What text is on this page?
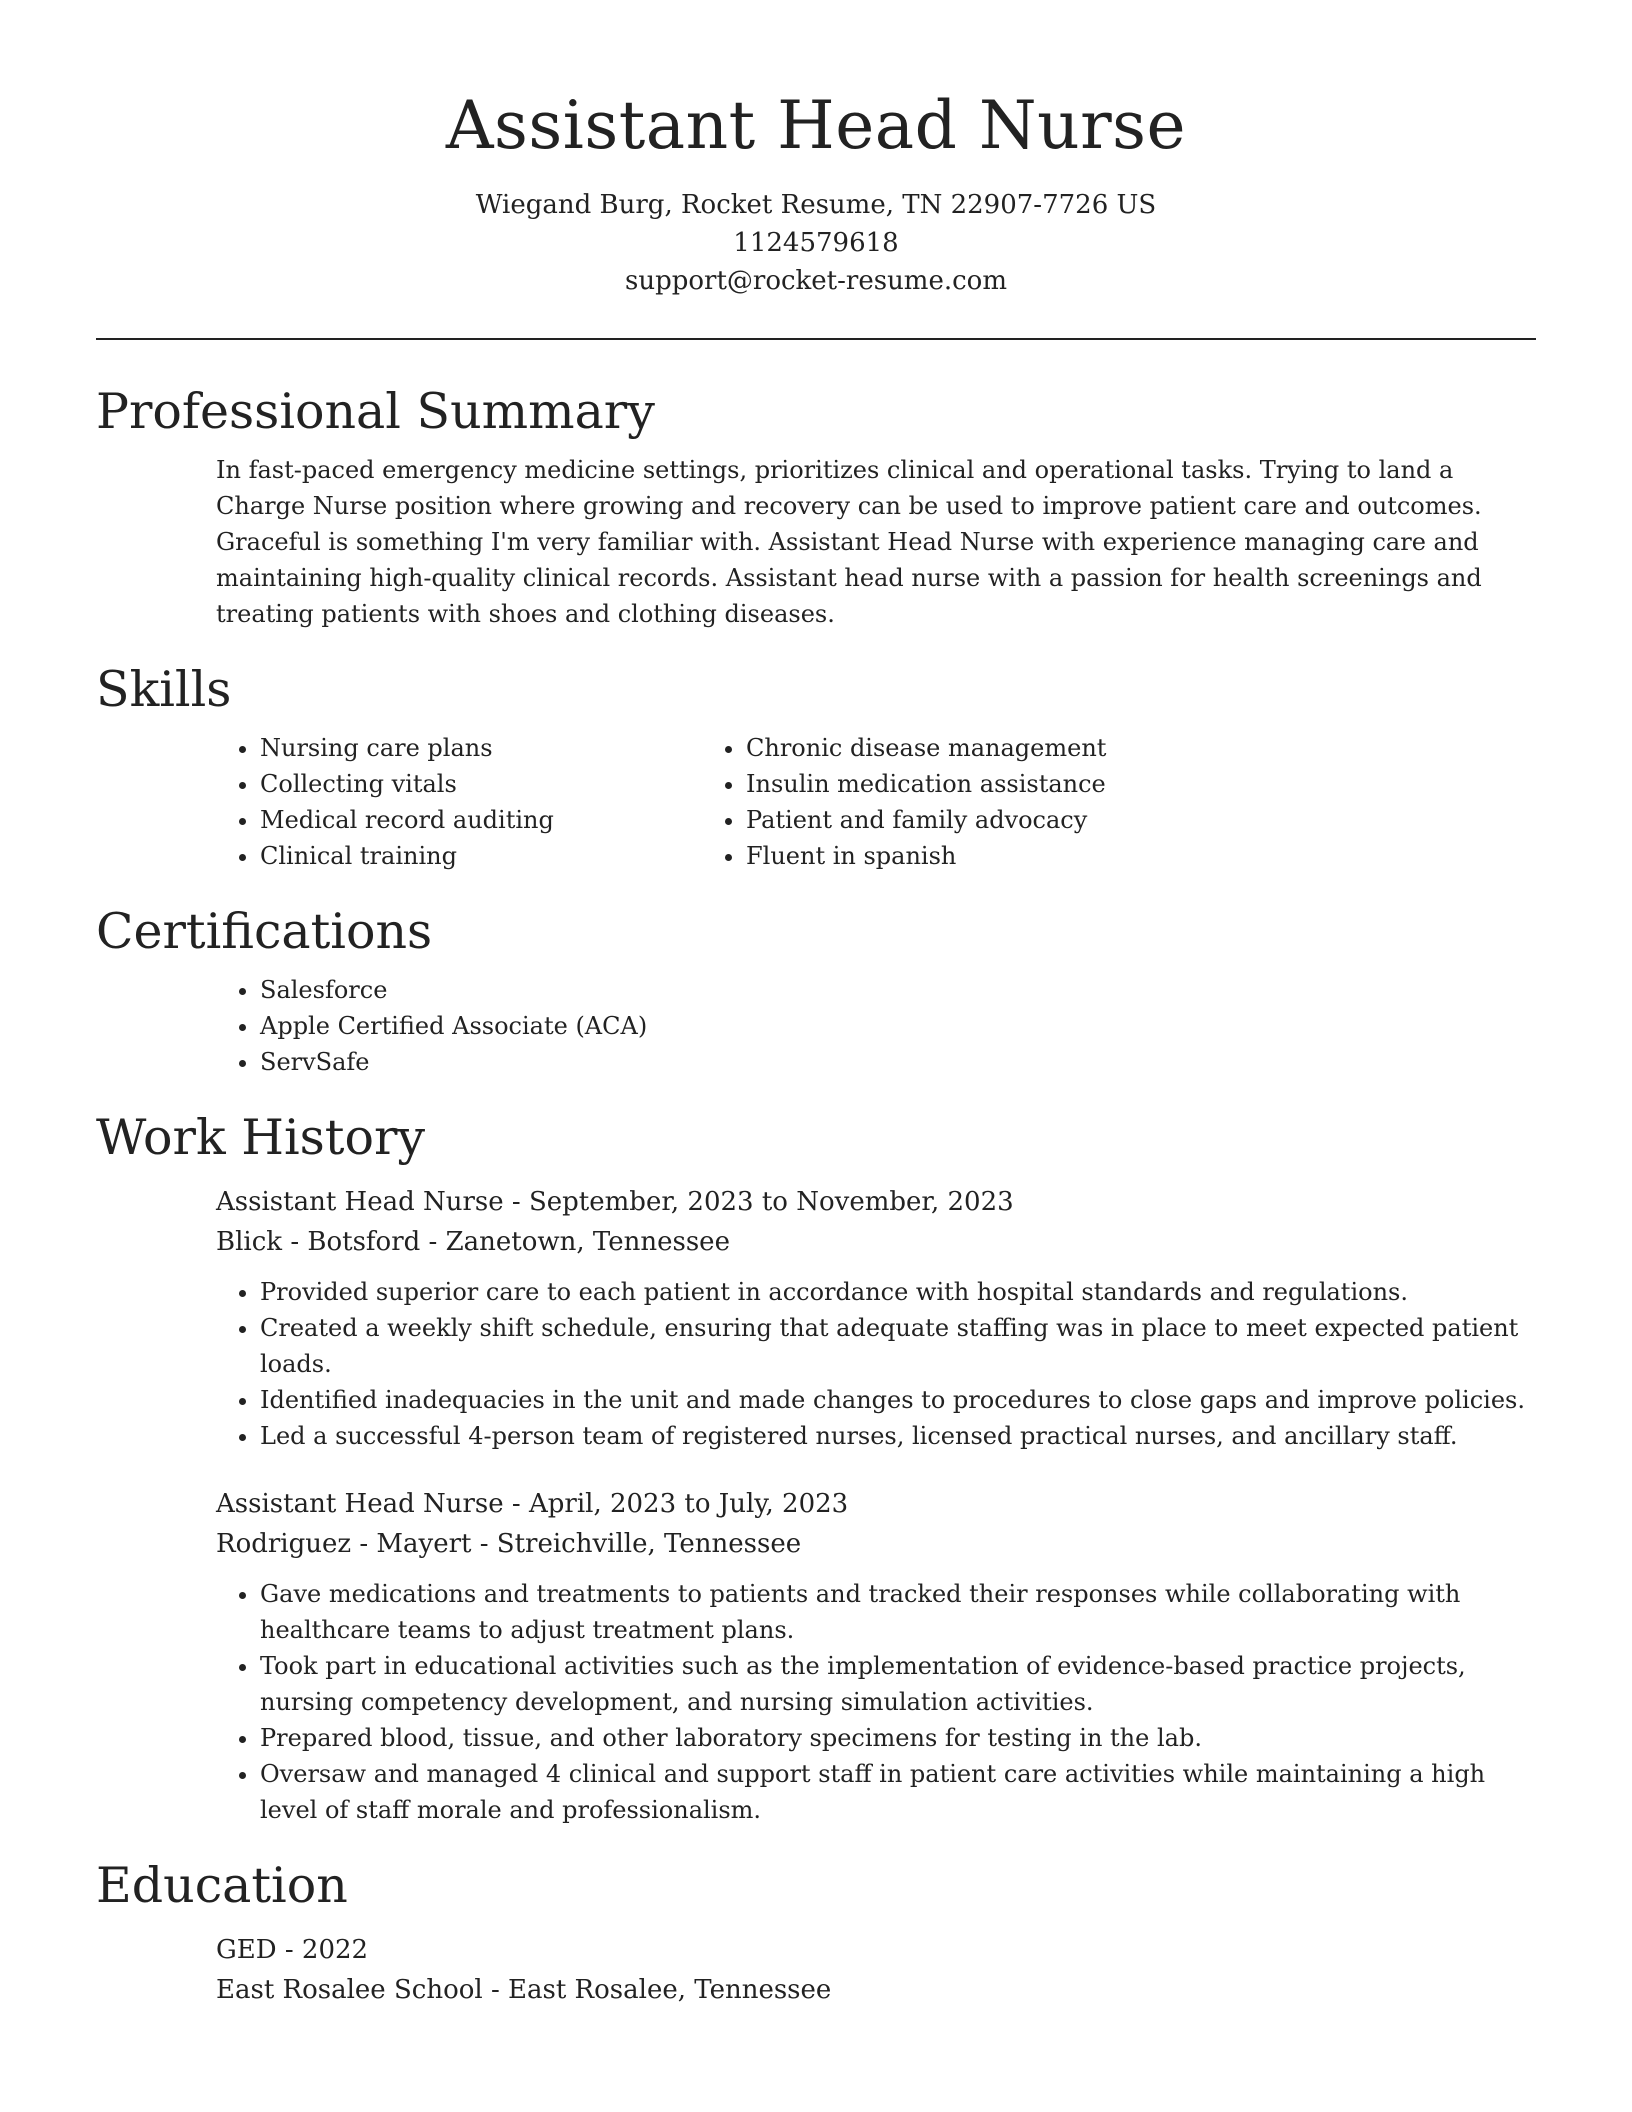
Assistant Head Nurse

Wiegand Burg, Rocket Resume, TN 22907-7726 US

1124579618

support@rocket-resume.com

Professional Summary

In fast-paced emergency medicine settings, prioritizes clinical and operational tasks. Trying to land a Charge Nurse position where growing and recovery can be used to improve patient care and outcomes. Graceful is something I'm very familiar with. Assistant Head Nurse with experience managing care and maintaining high-quality clinical records. Assistant head nurse with a passion for health screenings and treating patients with shoes and clothing diseases.

Skills
• Nursing care plans
• Collecting vitals
• Medical record auditing
• Clinical training
• Chronic disease management
• Insulin medication assistance
• Patient and family advocacy
• Fluent in spanish
Certifications
• Salesforce
• Apple Certified Associate (ACA)
• ServSafe
Work History

Assistant Head Nurse - September, 2023 to November, 2023

Blick - Botsford - Zanetown, Tennessee

• Provided superior care to each patient in accordance with hospital standards and regulations.
• Created a weekly shift schedule, ensuring that adequate staffing was in place to meet expected patient loads.
• Identified inadequacies in the unit and made changes to procedures to close gaps and improve policies.
• Led a successful 4-person team of registered nurses, licensed practical nurses, and ancillary staff.

Assistant Head Nurse - April, 2023 to July, 2023

Rodriguez - Mayert - Streichville, Tennessee

• Gave medications and treatments to patients and tracked their responses while collaborating with healthcare teams to adjust treatment plans.
• Took part in educational activities such as the implementation of evidence-based practice projects, nursing competency development, and nursing simulation activities.
• Prepared blood, tissue, and other laboratory specimens for testing in the lab.
• Oversaw and managed 4 clinical and support staff in patient care activities while maintaining a high level of staff morale and professionalism.
Education

GED - 2022

East Rosalee School - East Rosalee, Tennessee
